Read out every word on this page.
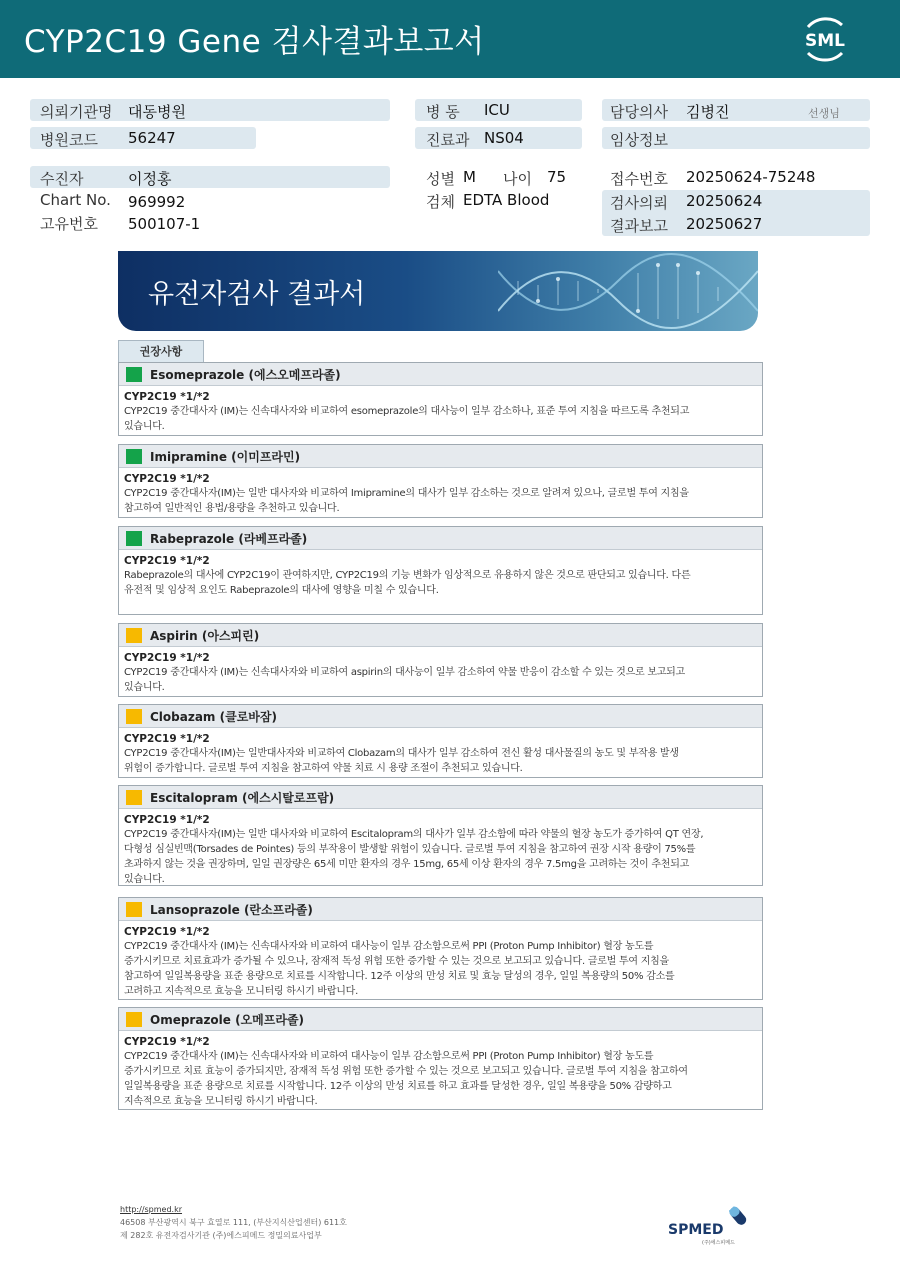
CYP2C19 Gene 검사결과보고서	SML
의뢰기관명 대동병원
병원코드 56247
병 동 ICU
진료과 NS04
담당의사 김병진	선생님
임상정보
수진자	이정홍
Chart No. 969992
고유번호 500107-1
성별 M 나이 75
검체 EDTA Blood
접수번호 20250624-75248
검사의뢰 20250624
결과보고 20250627
유전자검사 결과서
권장사항
Esomeprazole (에스오메프라졸)
CYP2C19 *1/*2
CYP2C19 중간대사자 (IM)는 신속대사자와 비교하여 esomeprazole의 대사능이 일부 감소하나, 표준 투여 지침을 따르도록 추천되고
있습니다.
Imipramine (이미프라민)
CYP2C19 *1/*2
CYP2C19 중간대사자(IM)는 일반 대사자와 비교하여 Imipramine의 대사가 일부 감소하는 것으로 알려져 있으나, 글로벌 투여 지침을
참고하여 일반적인 용법/용량을 추천하고 있습니다.
Rabeprazole (라베프라졸)
CYP2C19 *1/*2
Rabeprazole의 대사에 CYP2C19이 관여하지만, CYP2C19의 기능 변화가 임상적으로 유용하지 않은 것으로 판단되고 있습니다. 다른
유전적 및 임상적 요인도 Rabeprazole의 대사에 영향을 미칠 수 있습니다.
Aspirin (아스피린)
CYP2C19 *1/*2
CYP2C19 중간대사자 (IM)는 신속대사자와 비교하여 aspirin의 대사능이 일부 감소하여 약물 반응이 감소할 수 있는 것으로 보고되고
있습니다.
Clobazam (클로바잠)
CYP2C19 *1/*2
CYP2C19 중간대사자(IM)는 일반대사자와 비교하여 Clobazam의 대사가 일부 감소하여 전신 활성 대사물질의 농도 및 부작용 발생
위험이 증가합니다. 글로벌 투여 지침을 참고하여 약물 치료 시 용량 조절이 추천되고 있습니다.
Escitalopram (에스시탈로프람)
CYP2C19 *1/*2
CYP2C19 중간대사자(IM)는 일반 대사자와 비교하여 Escitalopram의 대사가 일부 감소함에 따라 약물의 혈장 농도가 증가하여 QT 연장,
다형성 심실빈맥(Torsades de Pointes) 등의 부작용이 발생할 위험이 있습니다. 글로벌 투여 지침을 참고하여 권장 시작 용량이 75%를
초과하지 않는 것을 권장하며, 일일 권장량은 65세 미만 환자의 경우 15mg, 65세 이상 환자의 경우 7.5mg을 고려하는 것이 추천되고
있습니다.
Lansoprazole (란소프라졸)
CYP2C19 *1/*2
CYP2C19 중간대사자 (IM)는 신속대사자와 비교하여 대사능이 일부 감소함으로써 PPI (Proton Pump Inhibitor) 혈장 농도를
증가시키므로 치료효과가 증가될 수 있으나, 잠재적 독성 위험 또한 증가할 수 있는 것으로 보고되고 있습니다. 글로벌 투여 지침을
참고하여 일일복용량을 표준 용량으로 치료를 시작합니다. 12주 이상의 만성 치료 및 효능 달성의 경우, 일일 복용량의 50% 감소를
고려하고 지속적으로 효능을 모니터링 하시기 바랍니다.
Omeprazole (오메프라졸)
CYP2C19 *1/*2
CYP2C19 중간대사자 (IM)는 신속대사자와 비교하여 대사능이 일부 감소함으로써 PPI (Proton Pump Inhibitor) 혈장 농도를
증가시키므로 치료 효능이 증가되지만, 잠재적 독성 위험 또한 증가할 수 있는 것으로 보고되고 있습니다. 글로벌 투여 지침을 참고하여
일일복용량을 표준 용량으로 치료를 시작합니다. 12주 이상의 만성 치료를 하고 효과를 달성한 경우, 일일 복용량을 50% 감량하고
지속적으로 효능을 모니터링 하시기 바랍니다.
http://spmed.kr
46508 부산광역시 북구 효열로 111, (부산지식산업센터) 611호
제 282호 유전자검사기관 (주)에스피메드 정밀의료사업부	SPMED
(주)에스피메드
